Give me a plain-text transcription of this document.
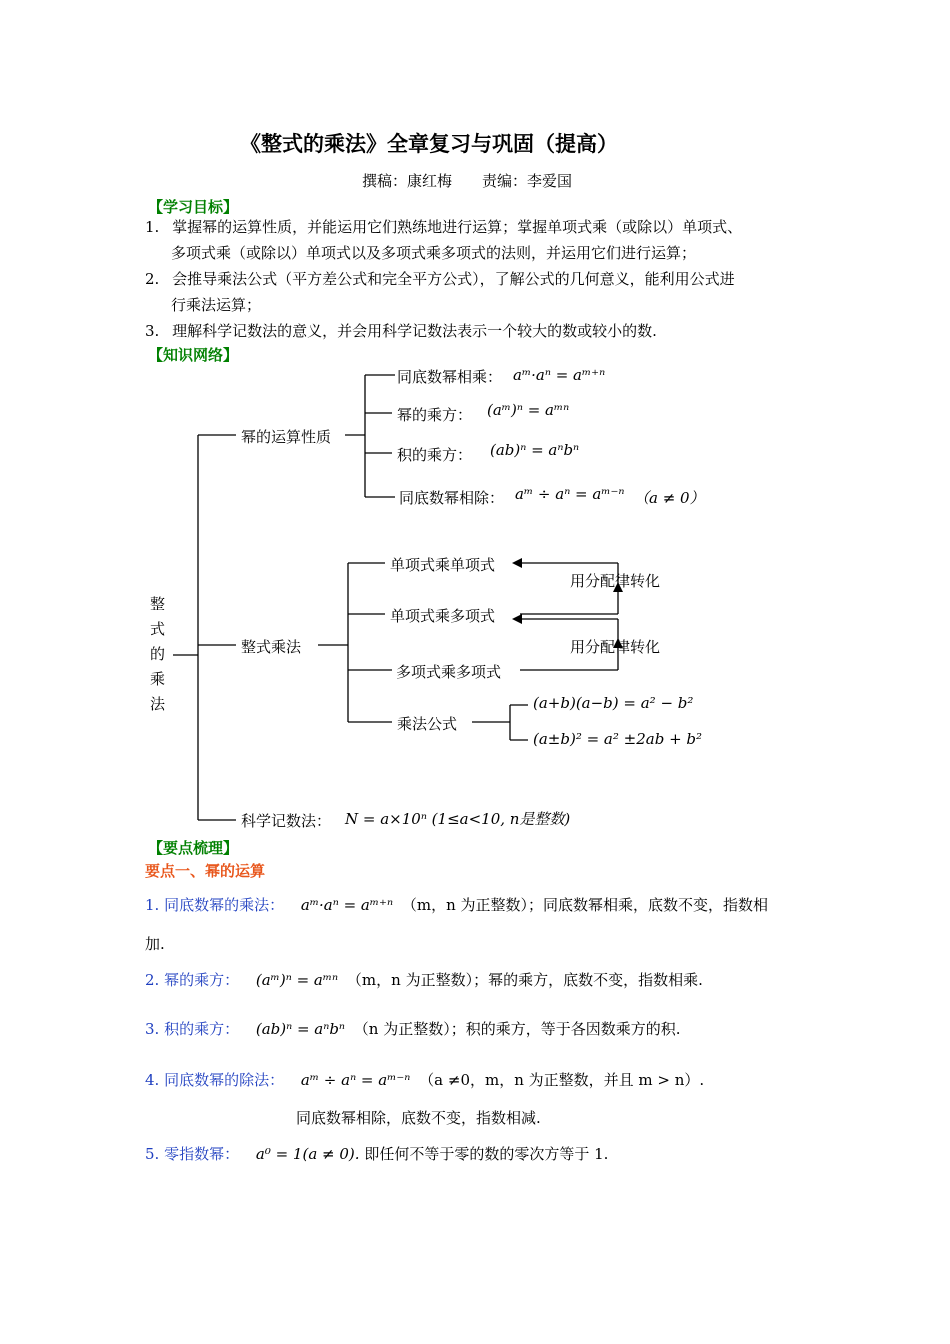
《整式的乘法》全章复习与巩固（提高）
撰稿：康红梅　　责编：李爱国
【学习目标】
1. 掌握幂的运算性质，并能运用它们熟练地进行运算；掌握单项式乘（或除以）单项式、
多项式乘（或除以）单项式以及多项式乘多项式的法则，并运用它们进行运算；
2. 会推导乘法公式（平方差公式和完全平方公式），了解公式的几何意义，能利用公式进
行乘法运算；
3. 理解科学记数法的意义，并会用科学记数法表示一个较大的数或较小的数.
【知识网络】
整
式
的
乘
法
幂的运算性质
同底数幂相乘： aᵐ·aⁿ = aᵐ⁺ⁿ
幂的乘方： (aᵐ)ⁿ = aᵐⁿ
积的乘方： (ab)ⁿ = aⁿbⁿ
同底数幂相除： aᵐ ÷ aⁿ = aᵐ⁻ⁿ （a ≠ 0）
整式乘法
单项式乘单项式
单项式乘多项式
多项式乘多项式
乘法公式
用分配律转化
用分配律转化
(a+b)(a−b) = a² − b²
(a±b)² = a² ±2ab + b²
科学记数法： N = a×10ⁿ (1≤a<10, n是整数)
【要点梳理】
要点一、幂的运算
1. 同底数幂的乘法： aᵐ·aⁿ = aᵐ⁺ⁿ （m，n 为正整数）；同底数幂相乘，底数不变，指数相
加.
2. 幂的乘方： (aᵐ)ⁿ = aᵐⁿ （m，n 为正整数）；幂的乘方，底数不变，指数相乘.
3. 积的乘方： (ab)ⁿ = aⁿbⁿ （n 为正整数）；积的乘方，等于各因数乘方的积.
4. 同底数幂的除法： aᵐ ÷ aⁿ = aᵐ⁻ⁿ （a ≠0，m，n 为正整数，并且 m > n）.
同底数幂相除，底数不变，指数相减.
5. 零指数幂： a⁰ = 1(a ≠ 0). 即任何不等于零的数的零次方等于 1.
